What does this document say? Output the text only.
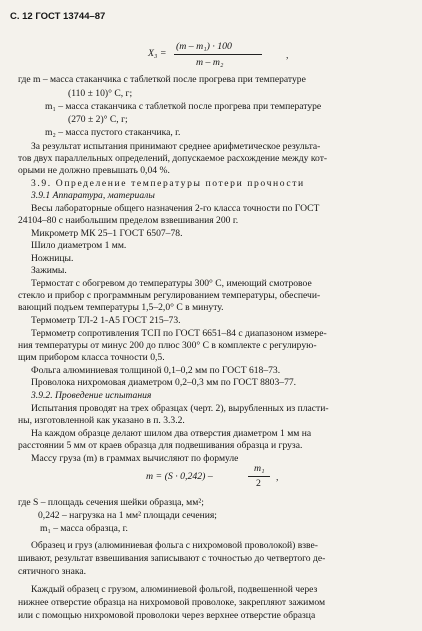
С. 12 ГОСТ 13744–87
X₃ =
(m – m₁) · 100
m – m₂
,
где m – масса стаканчика с таблеткой после прогрева при температуре
(110 ± 10)° С, г;
m₁ – масса стаканчика с таблеткой после прогрева при температуре
(270 ± 2)° С, г;
m₂ – масса пустого стаканчика, г.
За результат испытания принимают среднее арифметическое результа-
тов двух параллельных определений, допускаемое расхождение между кот-
орыми не должно превышать 0,04 %.
3.9. Определение температуры потери прочности
3.9.1 Аппаратура, материалы
Весы лабораторные общего назначения 2-го класса точности по ГОСТ
24104–80 с наибольшим пределом взвешивания 200 г.
Микрометр МК 25–1 ГОСТ 6507–78.
Шило диаметром 1 мм.
Ножницы.
Зажимы.
Термостат с обогревом до температуры 300° С, имеющий смотровое
стекло и прибор с программным регулированием температуры, обеспечи-
вающий подъем температуры 1,5–2,0° С в минуту.
Термометр ТЛ-2 1-А5 ГОСТ 215–73.
Термометр сопротивления ТСП по ГОСТ 6651–84 с диапазоном измере-
ния температуры от минус 200 до плюс 300° С в комплекте с регулирую-
щим прибором класса точности 0,5.
Фольга алюминиевая толщиной 0,1–0,2 мм по ГОСТ 618–73.
Проволока нихромовая диаметром 0,2–0,3 мм по ГОСТ 8803–77.
3.9.2. Проведение испытания
Испытания проводят на трех образцах (черт. 2), вырубленных из пласти-
ны, изготовленной как указано в п. 3.3.2.
На каждом образце делают шилом два отверстия диаметром 1 мм на
расстоянии 5 мм от краев образца для подвешивания образца и груза.
Массу груза (m) в граммах вычисляют по формуле
m = (S · 0,242) –
m₁
2
,
где S – площадь сечения шейки образца, мм²;
0,242 – нагрузка на 1 мм² площади сечения;
m₁ – масса образца, г.
Образец и груз (алюминиевая фольга с нихромовой проволокой) взве-
шивают, результат взвешивания записывают с точностью до четвертого де-
сятичного знака.
Каждый образец с грузом, алюминиевой фольгой, подвешенной через
нижнее отверстие образца на нихромовой проволоке, закрепляют зажимом
или с помощью нихромовой проволоки через верхнее отверстие образца
